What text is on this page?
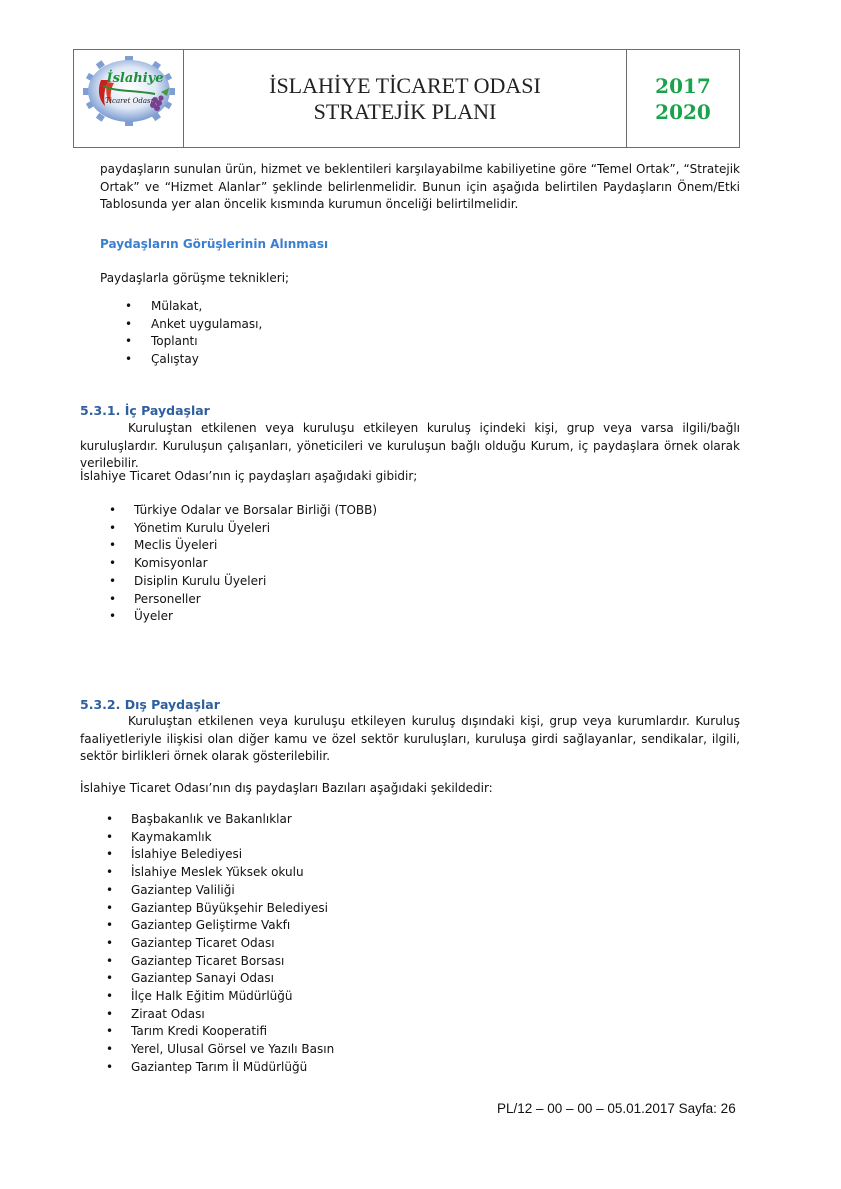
İslahiye
Ticaret Odası
İSLAHİYE TİCARET ODASI
STRATEJİK PLANI
2017
2020
paydaşların sunulan ürün, hizmet ve beklentileri karşılayabilme kabiliyetine göre “Temel Ortak”, “Stratejik Ortak” ve “Hizmet Alanlar” şeklinde belirlenmelidir. Bunun için aşağıda belirtilen Paydaşların Önem/Etki Tablosunda yer alan öncelik kısmında kurumun önceliği belirtilmelidir.
Paydaşların Görüşlerinin Alınması
Paydaşlarla görüşme teknikleri;
• Mülakat,
• Anket uygulaması,
• Toplantı
• Çalıştay
5.3.1. İç Paydaşlar
Kuruluştan etkilenen veya kuruluşu etkileyen kuruluş içindeki kişi, grup veya varsa ilgili/bağlı kuruluşlardır. Kuruluşun çalışanları, yöneticileri ve kuruluşun bağlı olduğu Kurum, iç paydaşlara örnek olarak verilebilir.
İslahiye Ticaret Odası’nın iç paydaşları aşağıdaki gibidir;
• Türkiye Odalar ve Borsalar Birliği (TOBB)
• Yönetim Kurulu Üyeleri
• Meclis Üyeleri
• Komisyonlar
• Disiplin Kurulu Üyeleri
• Personeller
• Üyeler
5.3.2. Dış Paydaşlar
Kuruluştan etkilenen veya kuruluşu etkileyen kuruluş dışındaki kişi, grup veya kurumlardır. Kuruluş faaliyetleriyle ilişkisi olan diğer kamu ve özel sektör kuruluşları, kuruluşa girdi sağlayanlar, sendikalar, ilgili, sektör birlikleri örnek olarak gösterilebilir.
İslahiye Ticaret Odası’nın dış paydaşları Bazıları aşağıdaki şekildedir:
• Başbakanlık ve Bakanlıklar
• Kaymakamlık
• İslahiye Belediyesi
• İslahiye Meslek Yüksek okulu
• Gaziantep Valiliği
• Gaziantep Büyükşehir Belediyesi
• Gaziantep Geliştirme Vakfı
• Gaziantep Ticaret Odası
• Gaziantep Ticaret Borsası
• Gaziantep Sanayi Odası
• İlçe Halk Eğitim Müdürlüğü
• Ziraat Odası
• Tarım Kredi Kooperatifi
• Yerel, Ulusal Görsel ve Yazılı Basın
• Gaziantep Tarım İl Müdürlüğü
PL/12 – 00 – 00 – 05.01.2017 Sayfa: 26
